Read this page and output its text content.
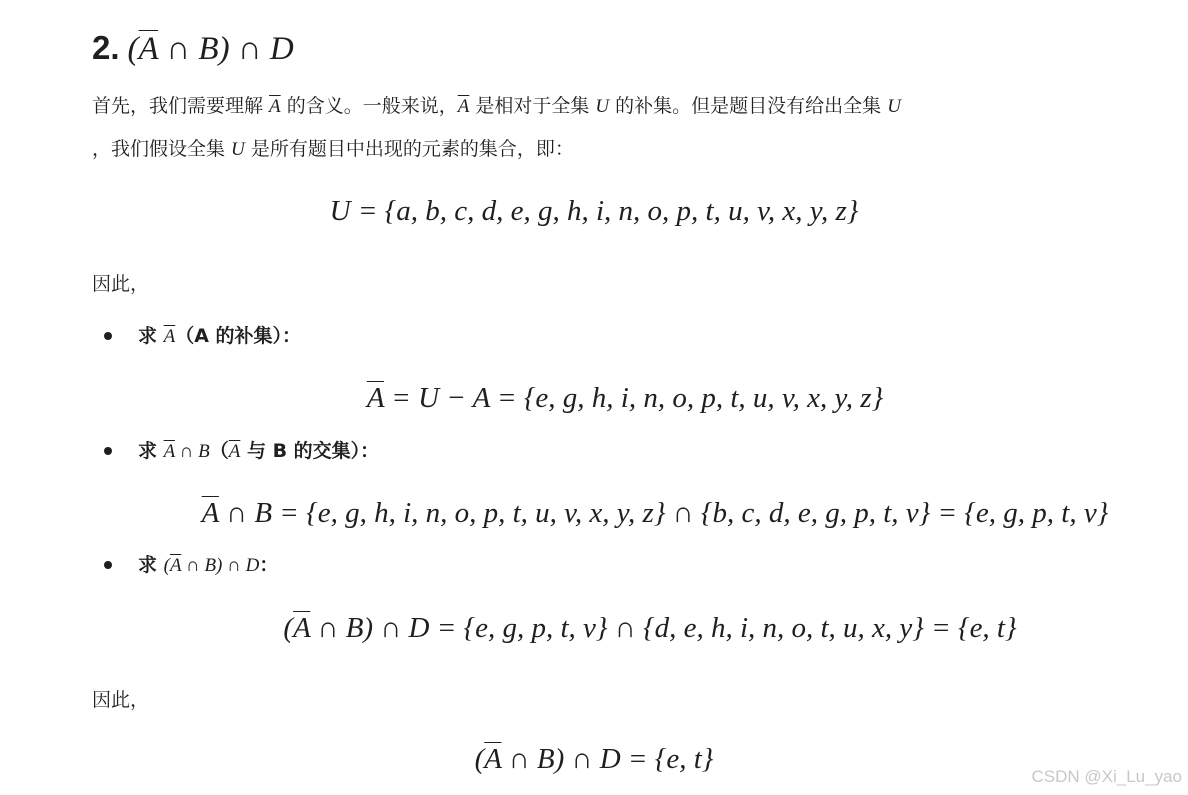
2. ($\overline{A}$ ∩ B) ∩ D
首先，我们需要理解 $\overline{A}$ 的含义。一般来说，$\overline{A}$ 是相对于全集 U 的补集。但是题目没有给出全集 U
，我们假设全集 U 是所有题目中出现的元素的集合，即：
U = {a, b, c, d, e, g, h, i, n, o, p, t, u, v, x, y, z}
因此，
求 $\overline{A}(A$ 的补集）：
$\overline{A} = U - A = \{e$, g, h, i, n, o, p, t, u, v, x, y, z}
求 $\overline{A}$ ∩ $B(\overline{A}$ 与 B 的交集）：
$\overline{A}$ ∩ B = {e, g, h, i, n, o, p, t, u, v, x, y, z} ∩ {b, c, d, e, g, p, t, v} = {e, g, p, t, v}
求 ($\overline{A}$ ∩ B) ∩ D：
($\overline{A}$ ∩ B) ∩ D = {e, g, p, t, v} ∩ {d, e, h, i, n, o, t, u, x, y} = {e, t}
因此，
($\overline{A}$ ∩ B) ∩ D = {e, t}
CSDN @Xi_Lu_yao
